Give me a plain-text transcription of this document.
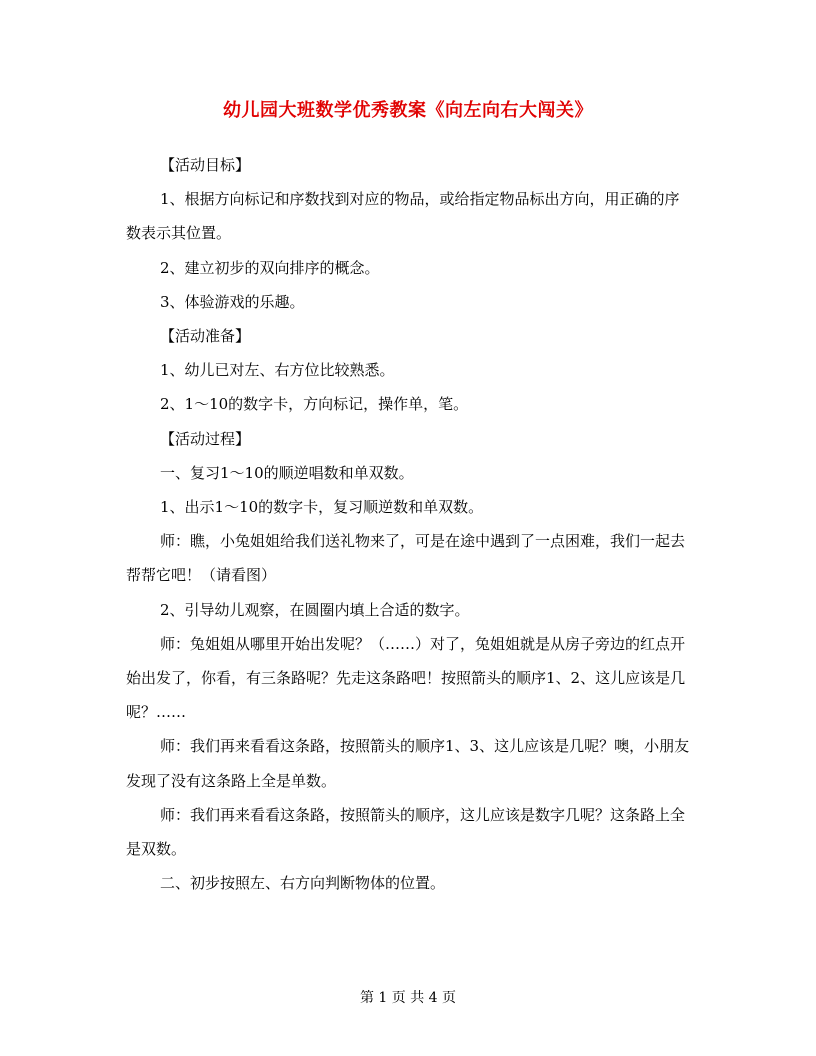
幼儿园大班数学优秀教案《向左向右大闯关》

【活动目标】

1、根据方向标记和序数找到对应的物品，或给指定物品标出方向，用正确的序数表示其位置。

2、建立初步的双向排序的概念。

3、体验游戏的乐趣。

【活动准备】

1、幼儿已对左、右方位比较熟悉。

2、1～10的数字卡，方向标记，操作单，笔。

【活动过程】

一、复习1～10的顺逆唱数和单双数。

1、出示1～10的数字卡，复习顺逆数和单双数。

师：瞧，小兔姐姐给我们送礼物来了，可是在途中遇到了一点困难，我们一起去帮帮它吧！（请看图）

2、引导幼儿观察，在圆圈内填上合适的数字。

师：兔姐姐从哪里开始出发呢？（……）对了，兔姐姐就是从房子旁边的红点开始出发了，你看，有三条路呢？先走这条路吧！按照箭头的顺序1、2、这儿应该是几呢？……

师：我们再来看看这条路，按照箭头的顺序1、3、这儿应该是几呢？噢，小朋友发现了没有这条路上全是单数。

师：我们再来看看这条路，按照箭头的顺序，这儿应该是数字几呢？这条路上全是双数。

二、初步按照左、右方向判断物体的位置。

第 1 页 共 4 页
